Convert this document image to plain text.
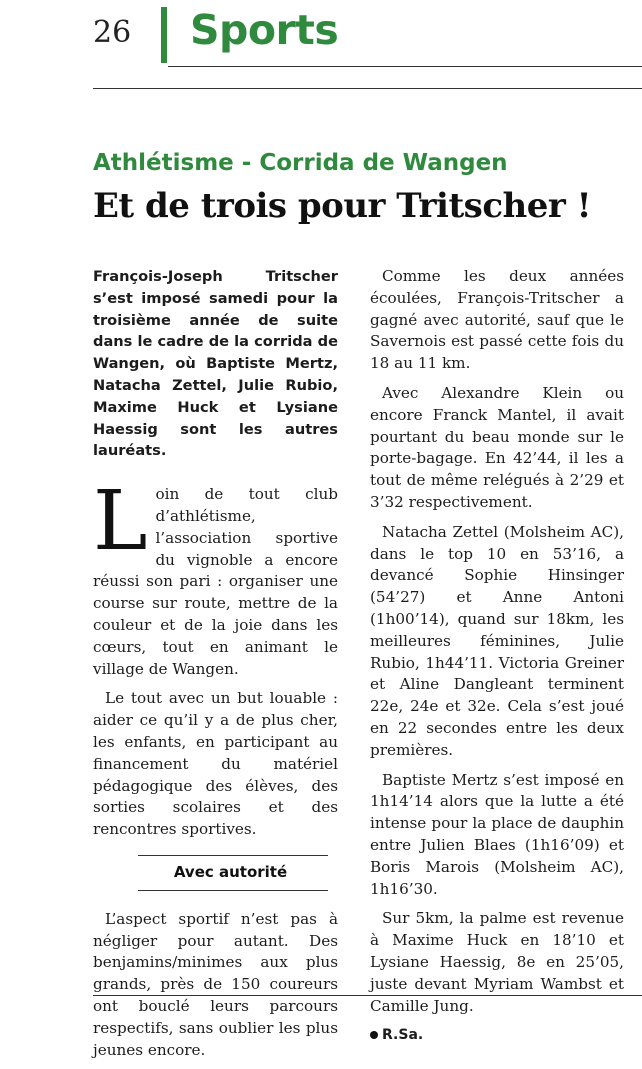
26 Sports
Athlétisme - Corrida de Wangen
Et de trois pour Tritscher !

François-Joseph Tritscher s’est imposé samedi pour la troisième année de suite dans le cadre de la corrida de Wangen, où Baptiste Mertz, Natacha Zettel, Julie Rubio, Maxime Huck et Lysiane Haessig sont les autres lauréats.

Loin de tout club d’athlétisme, l’association sportive du vignoble a encore réussi son pari : organiser une course sur route, mettre de la couleur et de la joie dans les cœurs, tout en animant le village de Wangen.

Le tout avec un but louable : aider ce qu’il y a de plus cher, les enfants, en participant au financement du matériel pédagogique des élèves, des sorties scolaires et des rencontres sportives.

Avec autorité

L’aspect sportif n’est pas à négliger pour autant. Des benjamins/minimes aux plus grands, près de 150 coureurs ont bouclé leurs parcours respectifs, sans oublier les plus jeunes encore.

Comme les deux années écoulées, François-Tritscher a gagné avec autorité, sauf que le Savernois est passé cette fois du 18 au 11 km.

Avec Alexandre Klein ou encore Franck Mantel, il avait pourtant du beau monde sur le porte-bagage. En 42’44, il les a tout de même relégués à 2’29 et 3’32 respectivement.

Natacha Zettel (Molsheim AC), dans le top 10 en 53’16, a devancé Sophie Hinsinger (54’27) et Anne Antoni (1h00’14), quand sur 18km, les meilleures féminines, Julie Rubio, 1h44’11. Victoria Greiner et Aline Dangleant terminent 22e, 24e et 32e. Cela s’est joué en 22 secondes entre les deux premières.

Baptiste Mertz s’est imposé en 1h14’14 alors que la lutte a été intense pour la place de dauphin entre Julien Blaes (1h16’09) et Boris Marois (Molsheim AC), 1h16’30.

Sur 5km, la palme est revenue à Maxime Huck en 18’10 et Lysiane Haessig, 8e en 25’05, juste devant Myriam Wambst et Camille Jung.

R.Sa.
